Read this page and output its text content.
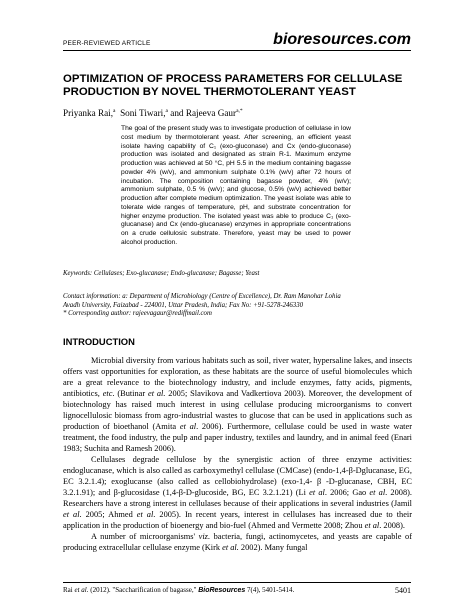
PEER-REVIEWED ARTICLE	bioresources.com
OPTIMIZATION OF PROCESS PARAMETERS FOR CELLULASE PRODUCTION BY NOVEL THERMOTOLERANT YEAST
Priyanka Rai,$^a$ Soni Tiwari,$^a$ and Rajeeva Gaur$^{a,*}$

The goal of the present study was to investigate production of cellulase in low cost medium by thermotolerant yeast. After screening, an efficient yeast isolate having capability of C₁ (exo-gluconase) and Cx (endo-gluconase) production was isolated and designated as strain R-1. Maximum enzyme production was achieved at 50 °C, pH 5.5 in the medium containing bagasse powder 4% (w/v), and ammonium sulphate 0.1% (w/v) after 72 hours of incubation. The composition containing bagasse powder, 4% (w/v); ammonium sulphate, 0.5 % (w/v); and glucose, 0.5% (w/v) achieved better production after complete medium optimization. The yeast isolate was able to tolerate wide ranges of temperature, pH, and substrate concentration for higher enzyme production. The isolated yeast was able to produce C₁ (exo-glucanase) and Cx (endo-glucanase) enzymes in appropriate concentrations on a crude cellulosic substrate. Therefore, yeast may be used to power alcohol production.

Keywords: Cellulases; Exo-glucanase; Endo-glucanase; Bagasse; Yeast

Contact information: a: Department of Microbiology (Centre of Excellence), Dr. Ram Manohar Lohia
Avadh University, Faizabad - 224001, Uttar Pradesh, India; Fax No: +91-5278-246330
* Corresponding author: rajeevagaur@rediffmail.com

INTRODUCTION

Microbial diversity from various habitats such as soil, river water, hypersaline lakes, and insects offers vast opportunities for exploration, as these habitats are the source of useful biomolecules which are a great relevance to the biotechnology industry, and include enzymes, fatty acids, pigments, antibiotics, etc. (Butinar et al. 2005; Slavikova and Vadkertiova 2003). Moreover, the development of biotechnology has raised much interest in using cellulase producing microorganisms to convert lignocellulosic biomass from agro-industrial wastes to glucose that can be used in applications such as production of bioethanol (Amita et al. 2006). Furthermore, cellulase could be used in waste water treatment, the food industry, the pulp and paper industry, textiles and laundry, and in animal feed (Enari 1983; Suchita and Ramesh 2006).

Cellulases degrade cellulose by the synergistic action of three enzyme activities: endoglucanase, which is also called as carboxymethyl cellulase (CMCase) (endo-1,4-β-Dglucanase, EG, EC 3.2.1.4); exoglucanse (also called as cellobiohydrolase) (exo-1,4- β -D-glucanase, CBH, EC 3.2.1.91); and β-glucosidase (1,4-β-D-glucoside, BG, EC 3.2.1.21) (Li et al. 2006; Gao et al. 2008). Researchers have a strong interest in cellulases because of their applications in several industries (Jamil et al. 2005; Ahmed et al. 2005). In recent years, interest in cellulases has increased due to their application in the production of bioenergy and bio-fuel (Ahmed and Vermette 2008; Zhou et al. 2008).

A number of microorganisms' viz. bacteria, fungi, actinomycetes, and yeasts are capable of producing extracellular cellulase enzyme (Kirk et al. 2002). Many fungal

Rai et al. (2012). "Saccharification of bagasse," BioResources 7(4), 5401-5414.	5401
